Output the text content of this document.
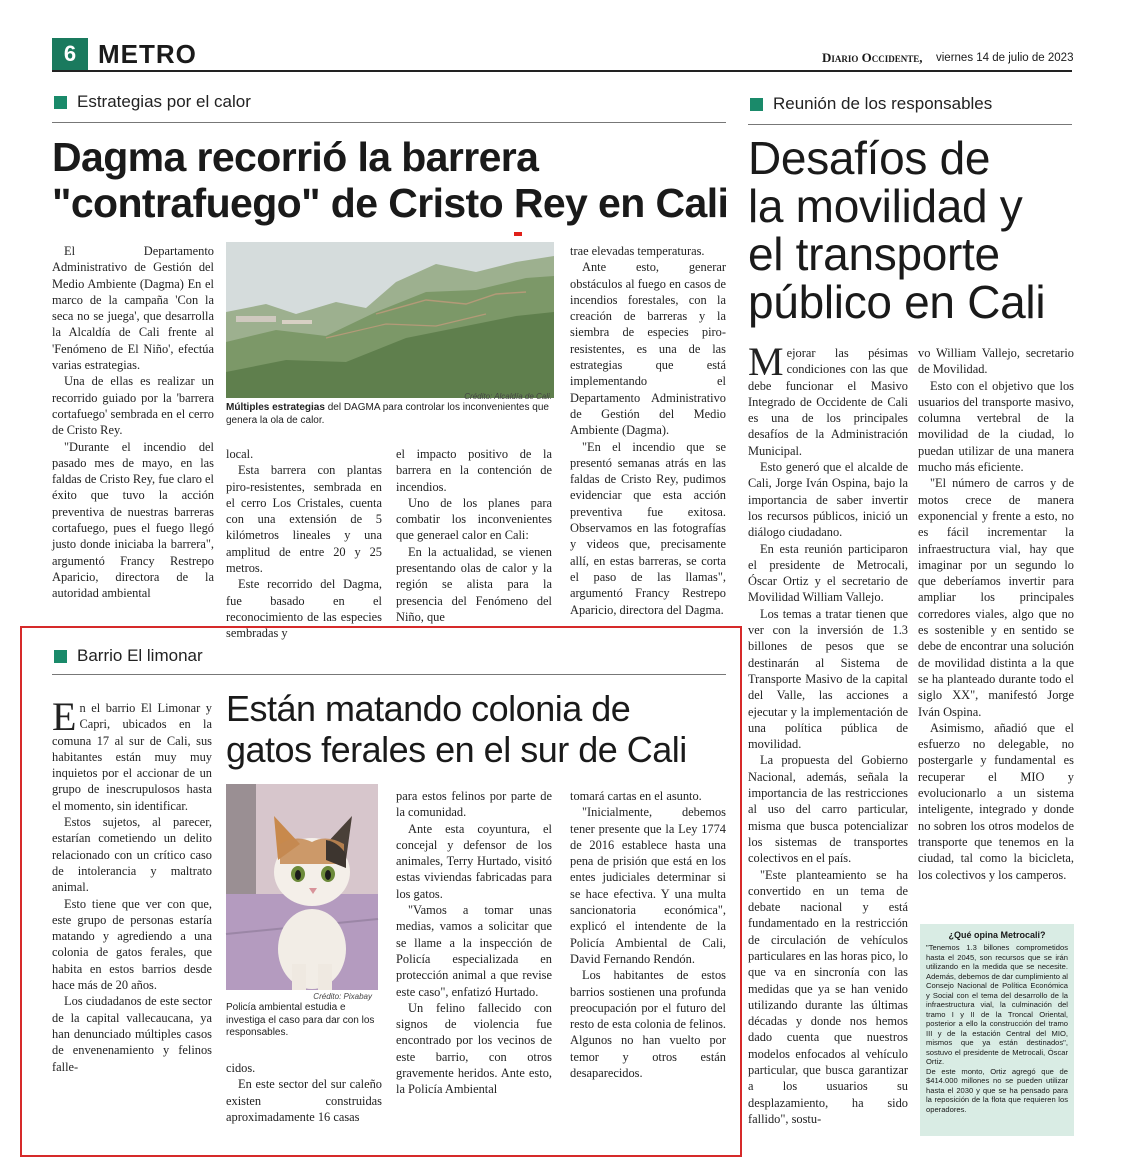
6 METRO	Diario Occidente, viernes 14 de julio de 2023
Estrategias por el calor
Dagma recorrió la barrera
"contrafuego" de Cristo Rey en Cali

El Departamento Administrativo de Gestión del Medio Ambiente (Dagma) En el marco de la campaña 'Con la seca no se juega', que desarrolla la Alcaldía de Cali frente al 'Fenómeno de El Niño', efectúa varias estrategias.

Una de ellas es realizar un recorrido guiado por la 'barrera cortafuego' sembrada en el cerro de Cristo Rey.

"Durante el incendio del pasado mes de mayo, en las faldas de Cristo Rey, fue claro el éxito que tuvo la acción preventiva de nuestras barreras cortafuego, pues el fuego llegó justo donde iniciaba la barrera", argumentó Francy Restrepo Aparicio, directora de la autoridad ambiental

Crédito: Alcaldía de Cali.
Múltiples estrategias del DAGMA para controlar los inconvenientes que genera la ola de calor.

local.

Esta barrera con plantas piro-resistentes, sembrada en el cerro Los Cristales, cuenta con una extensión de 5 kilómetros lineales y una amplitud de entre 20 y 25 metros.

Este recorrido del Dagma, fue basado en el reconocimiento de las especies sembradas y

el impacto positivo de la barrera en la contención de incendios.

Uno de los planes para combatir los inconvenientes que generael calor en Cali:

En la actualidad, se vienen presentando olas de calor y la región se alista para la presencia del Fenómeno del Niño, que

trae elevadas temperaturas.

Ante esto, generar obstáculos al fuego en casos de incendios forestales, con la creación de barreras y la siembra de especies piro-resistentes, es una de las estrategias que está implementando el Departamento Administrativo de Gestión del Medio Ambiente (Dagma).

"En el incendio que se presentó semanas atrás en las faldas de Cristo Rey, pudimos evidenciar que esta acción preventiva fue exitosa. Observamos en las fotografías y videos que, precisamente allí, en estas barreras, se corta el paso de las llamas", argumentó Francy Restrepo Aparicio, directora del Dagma.

Reunión de los responsables
Desafíos de
la movilidad y
el transporte
público en Cali

Mejorar las pésimas condiciones con las que debe funcionar el Masivo Integrado de Occidente de Cali es una de los principales desafíos de la Administración Municipal.

Esto generó que el alcalde de Cali, Jorge Iván Ospina, bajo la importancia de saber invertir los recursos públicos, inició un diálogo ciudadano.

En esta reunión participaron el presidente de Metrocali, Óscar Ortiz y el secretario de Movilidad William Vallejo.

Los temas a tratar tienen que ver con la inversión de 1.3 billones de pesos que se destinarán al Sistema de Transporte Masivo de la capital del Valle, las acciones a ejecutar y la implementación de una política pública de movilidad.

La propuesta del Gobierno Nacional, además, señala la importancia de las restricciones al uso del carro particular, misma que busca potencializar los sistemas de transportes colectivos en el país.

"Este planteamiento se ha convertido en un tema de debate nacional y está fundamentado en la restricción de circulación de vehículos particulares en las horas pico, lo que va en sincronía con las medidas que ya se han venido utilizando durante las últimas décadas y donde nos hemos dado cuenta que nuestros modelos enfocados al vehículo particular, que busca garantizar a los usuarios su desplazamiento, ha sido fallido", sostu-

vo William Vallejo, secretario de Movilidad.

Esto con el objetivo que los usuarios del transporte masivo, columna vertebral de la movilidad de la ciudad, lo puedan utilizar de una manera mucho más eficiente.

"El número de carros y de motos crece de manera exponencial y frente a esto, no es fácil incrementar la infraestructura vial, hay que imaginar por un segundo lo que deberíamos invertir para ampliar los principales corredores viales, algo que no es sostenible y en sentido se debe de encontrar una solución de movilidad distinta a la que se ha planteado durante todo el siglo XX", manifestó Jorge Iván Ospina.

Asimismo, añadió que el esfuerzo no delegable, no postergarle y fundamental es recuperar el MIO y evolucionarlo a un sistema inteligente, integrado y donde no sobren los otros modelos de transporte que tenemos en la ciudad, tal como la bicicleta, los colectivos y los camperos.

¿Qué opina Metrocali?

"Tenemos 1.3 billones comprometidos hasta el 2045, son recursos que se irán utilizando en la medida que se necesite. Además, debemos de dar cumplimiento al Consejo Nacional de Política Económica y Social con el tema del desarrollo de la infraestructura vial, la culminación del tramo I y II de la Troncal Oriental, posterior a ello la construcción del tramo III y de la estación Central del MIO, mismos que ya están destinados", sostuvo el presidente de Metrocali, Óscar Ortiz.

De este monto, Ortiz agregó que de $414.000 millones no se pueden utilizar hasta el 2030 y que se ha pensado para la reposición de la flota que requieren los operadores.

Barrio El limonar
Están matando colonia de
gatos ferales en el sur de Cali

En el barrio El Limonar y Capri, ubicados en la comuna 17 al sur de Cali, sus habitantes están muy muy inquietos por el accionar de un grupo de inescrupulosos hasta el momento, sin identificar.

Estos sujetos, al parecer, estarían cometiendo un delito relacionado con un crítico caso de intolerancia y maltrato animal.

Esto tiene que ver con que, este grupo de personas estaría matando y agrediendo a una colonia de gatos ferales, que habita en estos barrios desde hace más de 20 años.

Los ciudadanos de este sector de la capital vallecaucana, ya han denunciado múltiples casos de envenenamiento y felinos falle-

Crédito: Pixabay
Policía ambiental estudia e investiga el caso para dar con los responsables.

cidos.

En este sector del sur caleño existen construidas aproximadamente 16 casas

para estos felinos por parte de la comunidad.

Ante esta coyuntura, el concejal y defensor de los animales, Terry Hurtado, visitó estas viviendas fabricadas para los gatos.

"Vamos a tomar unas medias, vamos a solicitar que se llame a la inspección de Policía especializada en protección animal a que revise este caso", enfatizó Hurtado.

Un felino fallecido con signos de violencia fue encontrado por los vecinos de este barrio, con otros gravemente heridos. Ante esto, la Policía Ambiental

tomará cartas en el asunto.

"Inicialmente, debemos tener presente que la Ley 1774 de 2016 establece hasta una pena de prisión que está en los entes judiciales determinar si se hace efectiva. Y una multa sancionatoria económica", explicó el intendente de la Policía Ambiental de Cali, David Fernando Rendón.

Los habitantes de estos barrios sostienen una profunda preocupación por el futuro del resto de esta colonia de felinos. Algunos no han vuelto por temor y otros están desaparecidos.
